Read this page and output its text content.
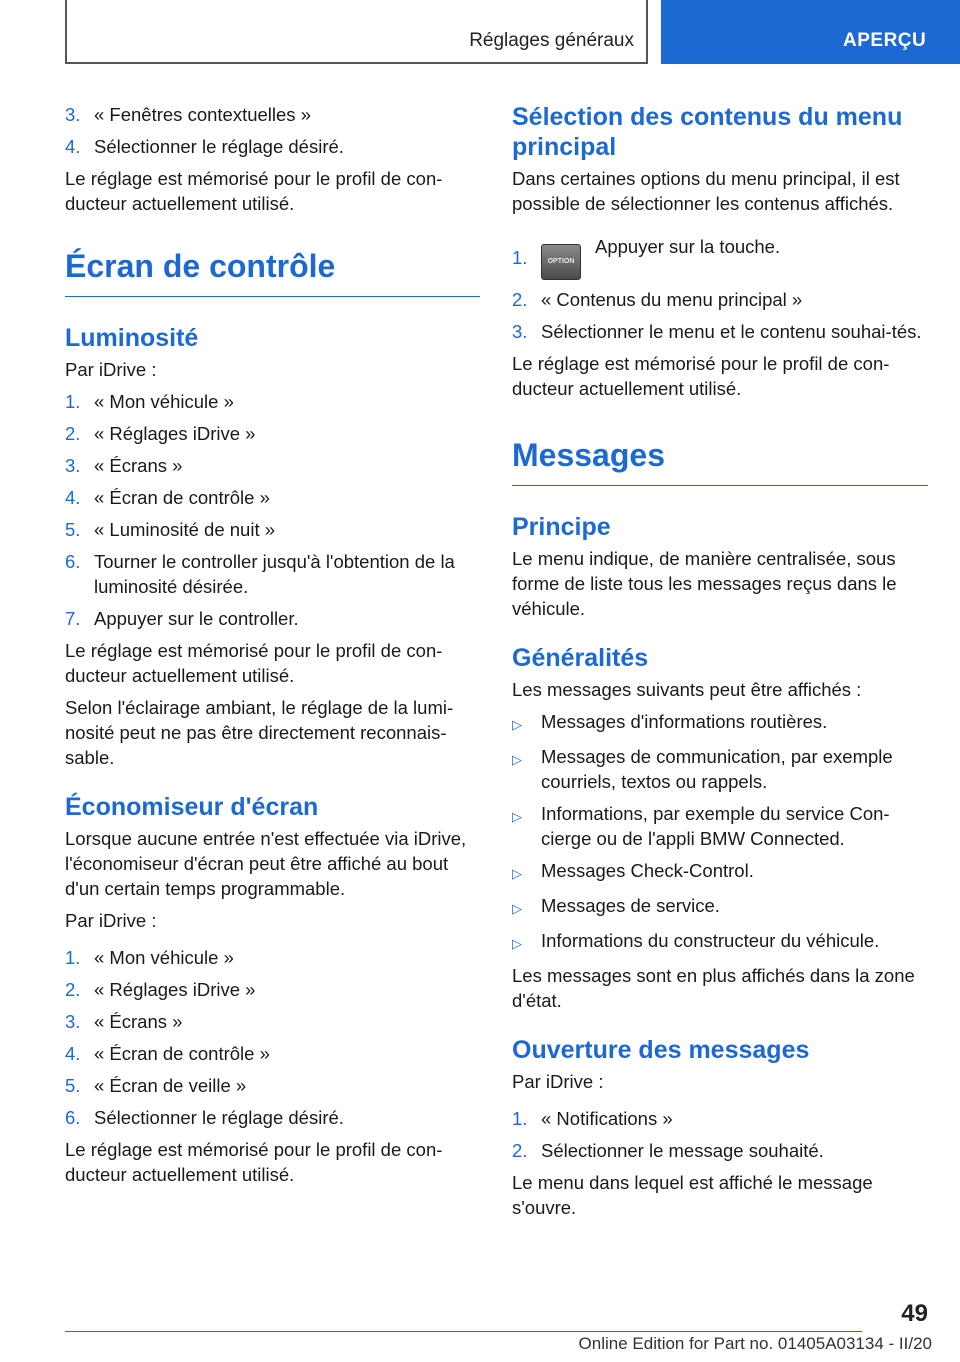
Réglages généraux	APERÇU
3. « Fenêtres contextuelles »
4. Sélectionner le réglage désiré.

Le réglage est mémorisé pour le profil de con-ducteur actuellement utilisé.

Écran de contrôle
Luminosité

Par iDrive :

1. « Mon véhicule »
2. « Réglages iDrive »
3. « Écrans »
4. « Écran de contrôle »
5. « Luminosité de nuit »
6. Tourner le controller jusqu'à l'obtention de la luminosité désirée.
7. Appuyer sur le controller.

Le réglage est mémorisé pour le profil de con-ducteur actuellement utilisé.

Selon l'éclairage ambiant, le réglage de la lumi-nosité peut ne pas être directement reconnais-sable.

Économiseur d'écran

Lorsque aucune entrée n'est effectuée via iDrive, l'économiseur d'écran peut être affiché au bout d'un certain temps programmable.

Par iDrive :

1. « Mon véhicule »
2. « Réglages iDrive »
3. « Écrans »
4. « Écran de contrôle »
5. « Écran de veille »
6. Sélectionner le réglage désiré.

Le réglage est mémorisé pour le profil de con-ducteur actuellement utilisé.

Sélection des contenus du menu principal

Dans certaines options du menu principal, il est possible de sélectionner les contenus affichés.

1.	OPTIONAppuyer sur la touche.
2. « Contenus du menu principal »
3. Sélectionner le menu et le contenu souhai-tés.

Le réglage est mémorisé pour le profil de con-ducteur actuellement utilisé.

Messages
Principe

Le menu indique, de manière centralisée, sous forme de liste tous les messages reçus dans le véhicule.

Généralités

Les messages suivants peut être affichés :

▷	Messages d'informations routières.
▷	Messages de communication, par exemple courriels, textos ou rappels.
▷	Informations, par exemple du service Con-cierge ou de l'appli BMW Connected.
▷	Messages Check-Control.
▷	Messages de service.
▷	Informations du constructeur du véhicule.

Les messages sont en plus affichés dans la zone d'état.

Ouverture des messages

Par iDrive :

1. « Notifications »
2. Sélectionner le message souhaité.

Le menu dans lequel est affiché le message s'ouvre.

49
Online Edition for Part no. 01405A03134 - II/20
